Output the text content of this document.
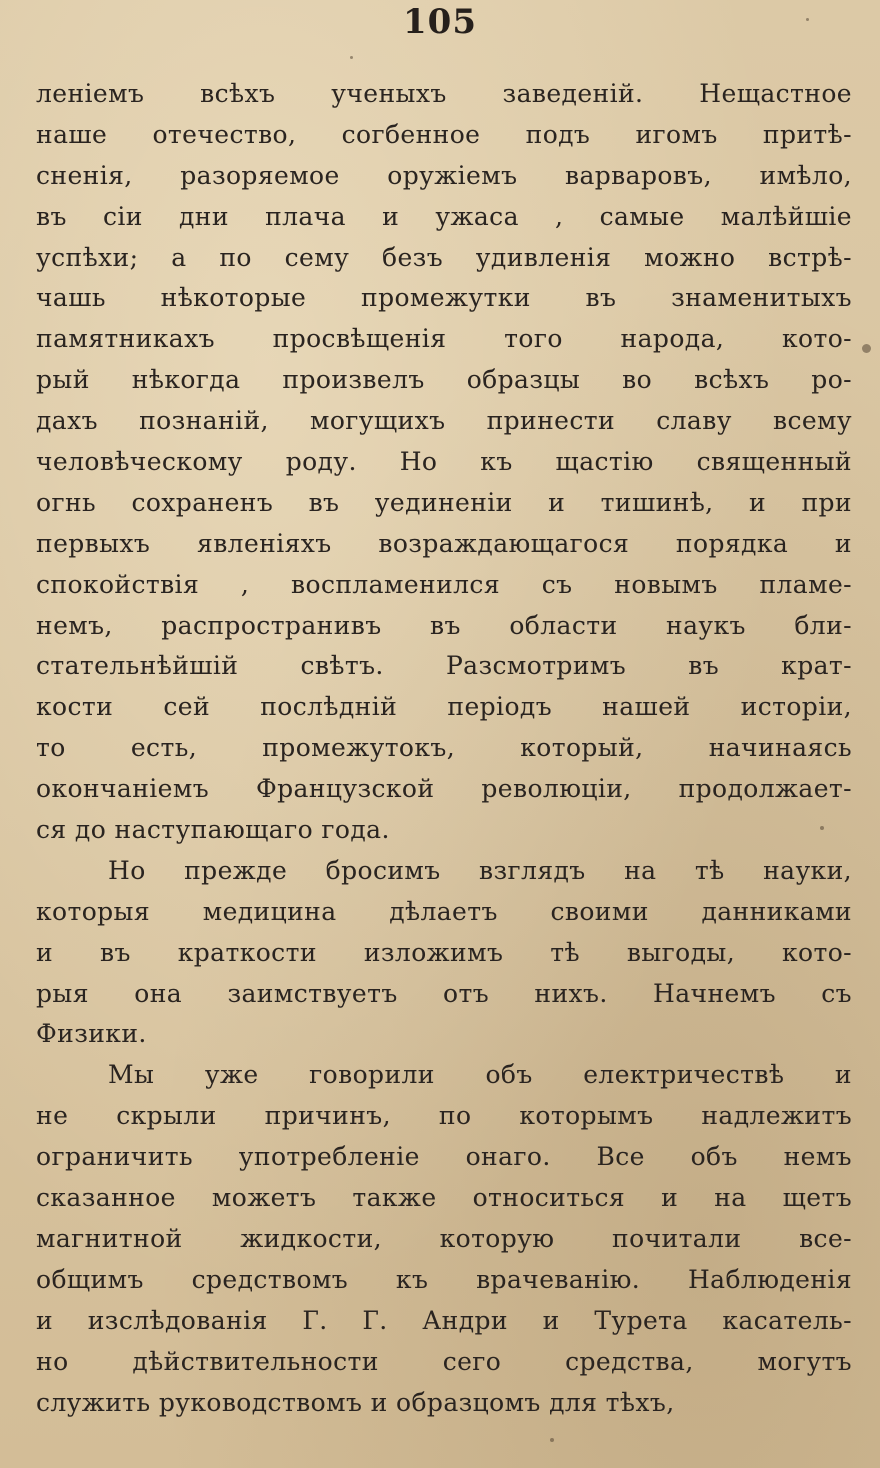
105
леніемъ всѣхъ ученыхъ заведеній. Нещастное
наше отечество, согбенное подъ игомъ притѣ-
сненія, разоряемое оружіемъ варваровъ, имѣло,
въ сіи дни плача и ужаса , самые малѣйшіе
успѣхи; а по сему безъ удивленія можно встрѣ-
чашь нѣкоторые промежутки въ знаменитыхъ
памятникахъ просвѣщенія того народа, кото-
рый нѣкогда произвелъ образцы во всѣхъ ро-
дахъ познаній, могущихъ принести славу всему
человѣческому роду. Но къ щастію священный
огнь сохраненъ въ уединеніи и тишинѣ, и при
первыхъ явленіяхъ возраждающагося порядка и
спокойствія , воспламенился съ новымъ пламе-
немъ, распространивъ въ области наукъ бли-
стательнѣйшій свѣтъ. Разсмотримъ въ крат-
кости сей послѣдній періодъ нашей исторіи,
то есть, промежутокъ, который, начинаясь
окончаніемъ Французской революціи, продолжает-
ся до наступающаго года.
Но прежде бросимъ взглядъ на тѣ науки,
которыя медицина дѣлаетъ своими данниками
и въ краткости изложимъ тѣ выгоды, кото-
рыя она заимствуетъ отъ нихъ. Начнемъ съ
Физики.
Мы уже говорили объ електричествѣ и
не скрыли причинъ, по которымъ надлежитъ
ограничить употребленіе онаго. Все объ немъ
сказанное можетъ также относиться и на щетъ
магнитной жидкости, которую почитали все-
общимъ средствомъ къ врачеванію. Наблюденія
и изслѣдованія Г. Г. Андри и Турета касатель-
но дѣйствительности сего средства, могутъ
служить руководствомъ и образцомъ для тѣхъ,
